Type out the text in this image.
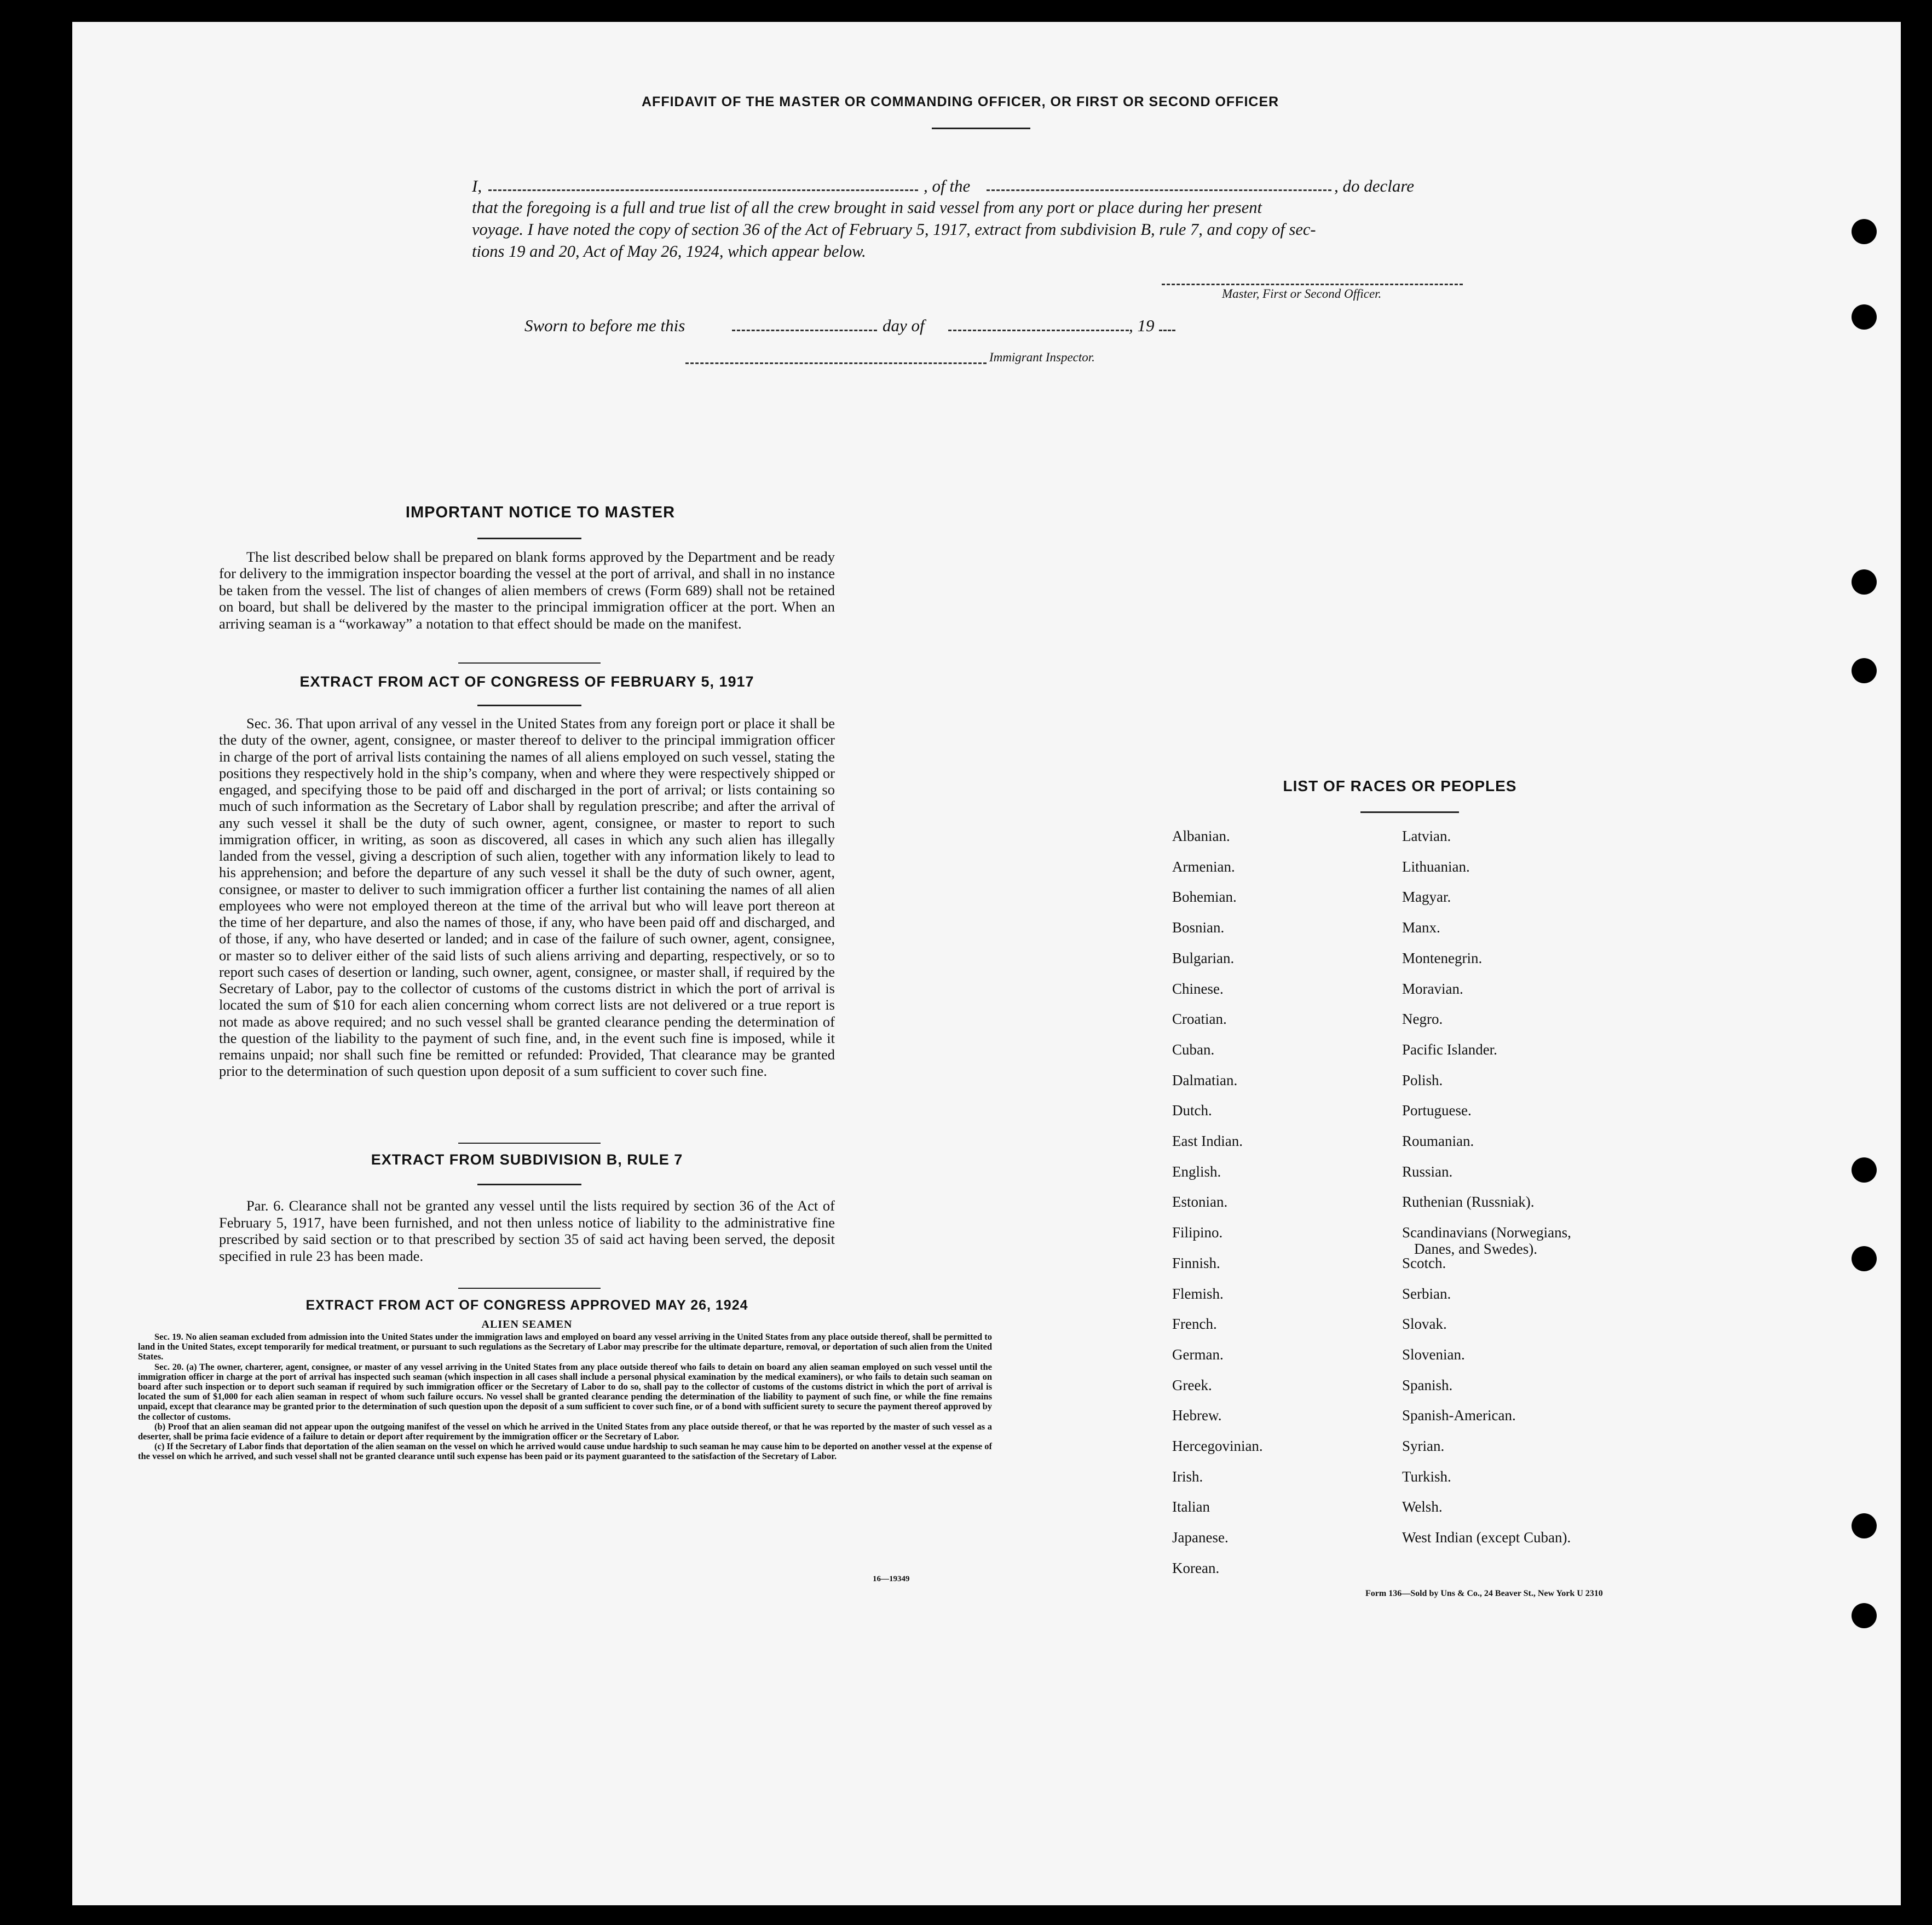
AFFIDAVIT OF THE MASTER OR COMMANDING OFFICER, OR FIRST OR SECOND OFFICER
I,	, of the	, do declare
that the foregoing is a full and true list of all the crew brought in said vessel from any port or place during her present
voyage. I have noted the copy of section 36 of the Act of February 5, 1917, extract from subdivision B, rule 7, and copy of sec-
tions 19 and 20, Act of May 26, 1924, which appear below.
Master, First or Second Officer.
Sworn to before me this	day of	, 19
Immigrant Inspector.
IMPORTANT NOTICE TO MASTER
The list described below shall be prepared on blank forms approved by the Department and be ready for delivery to the immigration inspector boarding the vessel at the port of arrival, and shall in no instance be taken from the vessel. The list of changes of alien members of crews (Form 689) shall not be retained on board, but shall be delivered by the master to the principal immigration officer at the port. When an arriving seaman is a “workaway” a notation to that effect should be made on the manifest.
EXTRACT FROM ACT OF CONGRESS OF FEBRUARY 5, 1917
Sec. 36. That upon arrival of any vessel in the United States from any foreign port or place it shall be the duty of the owner, agent, consignee, or master thereof to deliver to the principal immigration officer in charge of the port of arrival lists containing the names of all aliens employed on such vessel, stating the positions they respectively hold in the ship’s company, when and where they were respectively shipped or engaged, and specifying those to be paid off and discharged in the port of arrival; or lists containing so much of such information as the Secretary of Labor shall by regulation prescribe; and after the arrival of any such vessel it shall be the duty of such owner, agent, consignee, or master to report to such immigration officer, in writing, as soon as discovered, all cases in which any such alien has illegally landed from the vessel, giving a description of such alien, together with any information likely to lead to his apprehension; and before the departure of any such vessel it shall be the duty of such owner, agent, consignee, or master to deliver to such immigration officer a further list containing the names of all alien employees who were not employed thereon at the time of the arrival but who will leave port thereon at the time of her departure, and also the names of those, if any, who have been paid off and discharged, and of those, if any, who have deserted or landed; and in case of the failure of such owner, agent, consignee, or master so to deliver either of the said lists of such aliens arriving and departing, respectively, or so to report such cases of desertion or landing, such owner, agent, consignee, or master shall, if required by the Secretary of Labor, pay to the collector of customs of the customs district in which the port of arrival is located the sum of $10 for each alien concerning whom correct lists are not delivered or a true report is not made as above required; and no such vessel shall be granted clearance pending the determination of the question of the liability to the payment of such fine, and, in the event such fine is imposed, while it remains unpaid; nor shall such fine be remitted or refunded: Provided, That clearance may be granted prior to the determination of such question upon deposit of a sum sufficient to cover such fine.
EXTRACT FROM SUBDIVISION B, RULE 7
Par. 6. Clearance shall not be granted any vessel until the lists required by section 36 of the Act of February 5, 1917, have been furnished, and not then unless notice of liability to the administrative fine prescribed by said section or to that prescribed by section 35 of said act having been served, the deposit specified in rule 23 has been made.
EXTRACT FROM ACT OF CONGRESS APPROVED MAY 26, 1924
ALIEN SEAMEN

Sec. 19. No alien seaman excluded from admission into the United States under the immigration laws and employed on board any vessel arriving in the United States from any place outside thereof, shall be permitted to land in the United States, except temporarily for medical treatment, or pursuant to such regulations as the Secretary of Labor may prescribe for the ultimate departure, removal, or deportation of such alien from the United States.

Sec. 20. (a) The owner, charterer, agent, consignee, or master of any vessel arriving in the United States from any place outside thereof who fails to detain on board any alien seaman employed on such vessel until the immigration officer in charge at the port of arrival has inspected such seaman (which inspection in all cases shall include a personal physical examination by the medical examiners), or who fails to detain such seaman on board after such inspection or to deport such seaman if required by such immigration officer or the Secretary of Labor to do so, shall pay to the collector of customs of the customs district in which the port of arrival is located the sum of $1,000 for each alien seaman in respect of whom such failure occurs. No vessel shall be granted clearance pending the determination of the liability to payment of such fine, or while the fine remains unpaid, except that clearance may be granted prior to the determination of such question upon the deposit of a sum sufficient to cover such fine, or of a bond with sufficient surety to secure the payment thereof approved by the collector of customs.

(b) Proof that an alien seaman did not appear upon the outgoing manifest of the vessel on which he arrived in the United States from any place outside thereof, or that he was reported by the master of such vessel as a deserter, shall be prima facie evidence of a failure to detain or deport after requirement by the immigration officer or the Secretary of Labor.

(c) If the Secretary of Labor finds that deportation of the alien seaman on the vessel on which he arrived would cause undue hardship to such seaman he may cause him to be deported on another vessel at the expense of the vessel on which he arrived, and such vessel shall not be granted clearance until such expense has been paid or its payment guaranteed to the satisfaction of the Secretary of Labor.

16—19349
LIST OF RACES OR PEOPLES
Form 136—Sold by Uns & Co., 24 Beaver St., New York U 2310
Albanian.
Armenian.
Bohemian.
Bosnian.
Bulgarian.
Chinese.
Croatian.
Cuban.
Dalmatian.
Dutch.
East Indian.
English.
Estonian.
Filipino.
Finnish.
Flemish.
French.
German.
Greek.
Hebrew.
Hercegovinian.
Irish.
Italian
Japanese.
Korean.
Latvian.
Lithuanian.
Magyar.
Manx.
Montenegrin.
Moravian.
Negro.
Pacific Islander.
Polish.
Portuguese.
Roumanian.
Russian.
Ruthenian (Russniak).
Scandinavians (Norwegians,
Danes, and Swedes).
Scotch.
Serbian.
Slovak.
Slovenian.
Spanish.
Spanish-American.
Syrian.
Turkish.
Welsh.
West Indian (except Cuban).
